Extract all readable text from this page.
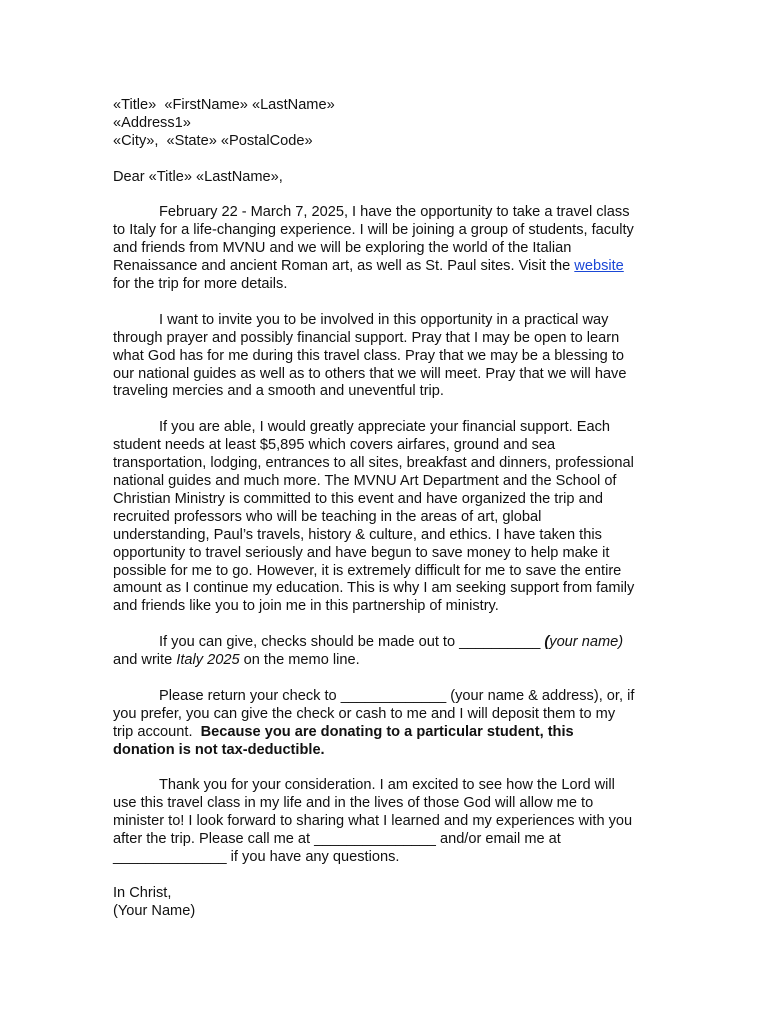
«Title»  «FirstName» «LastName»
«Address1»
«City»,  «State» «PostalCode»
Dear «Title» «LastName»,
February 22 - March 7, 2025, I have the opportunity to take a travel class
to Italy for a life-changing experience. I will be joining a group of students, faculty
and friends from MVNU and we will be exploring the world of the Italian
Renaissance and ancient Roman art, as well as St. Paul sites. Visit the website
for the trip for more details.
I want to invite you to be involved in this opportunity in a practical way
through prayer and possibly financial support. Pray that I may be open to learn
what God has for me during this travel class. Pray that we may be a blessing to
our national guides as well as to others that we will meet. Pray that we will have
traveling mercies and a smooth and uneventful trip.
If you are able, I would greatly appreciate your financial support. Each
student needs at least $5,895 which covers airfares, ground and sea
transportation, lodging, entrances to all sites, breakfast and dinners, professional
national guides and much more. The MVNU Art Department and the School of
Christian Ministry is committed to this event and have organized the trip and
recruited professors who will be teaching in the areas of art, global
understanding, Paul’s travels, history & culture, and ethics. I have taken this
opportunity to travel seriously and have begun to save money to help make it
possible for me to go. However, it is extremely difficult for me to save the entire
amount as I continue my education. This is why I am seeking support from family
and friends like you to join me in this partnership of ministry.
If you can give, checks should be made out to __________ (your name)
and write Italy 2025 on the memo line.
Please return your check to _____________ (your name & address), or, if
you prefer, you can give the check or cash to me and I will deposit them to my
trip account.  Because you are donating to a particular student, this
donation is not tax-deductible.
Thank you for your consideration. I am excited to see how the Lord will
use this travel class in my life and in the lives of those God will allow me to
minister to! I look forward to sharing what I learned and my experiences with you
after the trip. Please call me at _______________ and/or email me at
______________ if you have any questions.
In Christ,
(Your Name)
